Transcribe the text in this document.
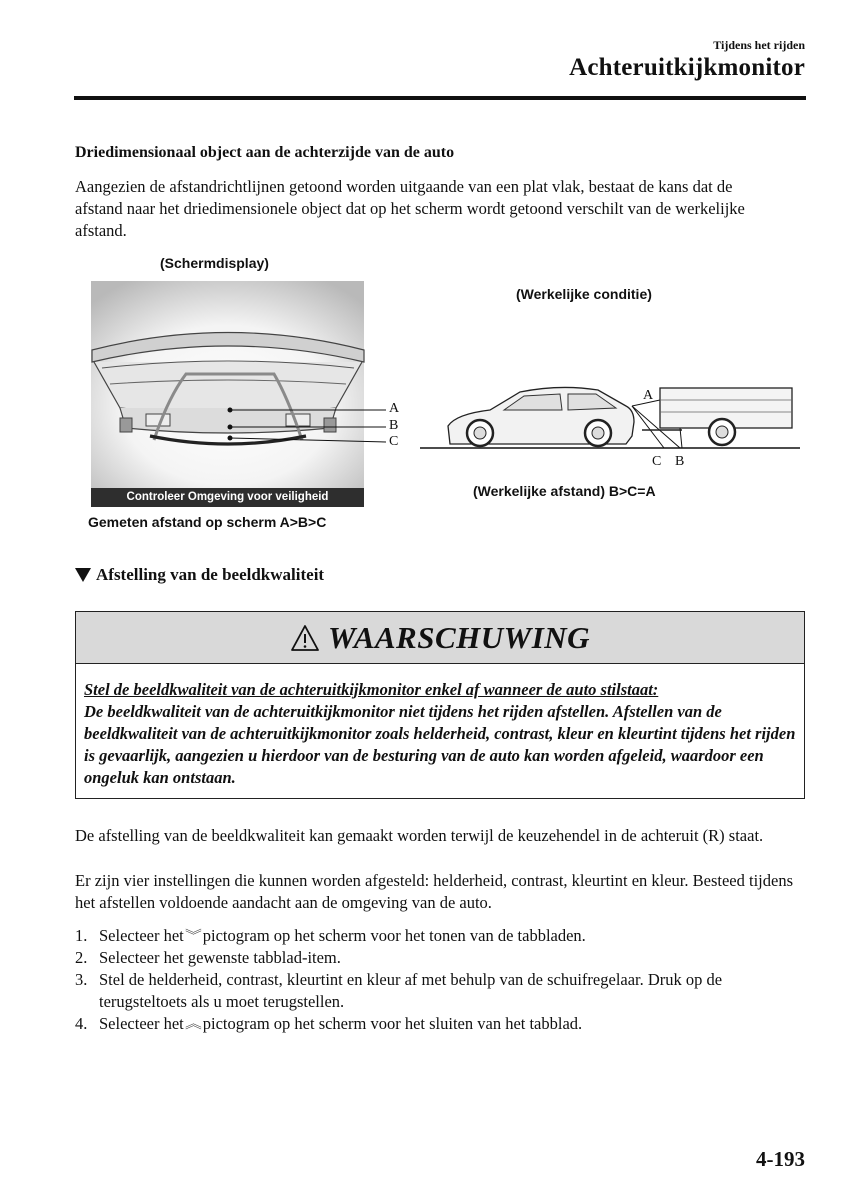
Tijdens het rijden
Achteruitkijkmonitor
Driedimensionaal object aan de achterzijde van de auto
Aangezien de afstandrichtlijnen getoond worden uitgaande van een plat vlak, bestaat de kans dat de afstand naar het driedimensionele object dat op het scherm wordt getoond verschilt van de werkelijke afstand.
(Schermdisplay)
(Werkelijke conditie)
(Werkelijke afstand) B>C=A
Gemeten afstand op scherm A>B>C
Controleer Omgeving voor veiligheid
A
B
C
A
C B
Afstelling van de beeldkwaliteit
WAARSCHUWING
Stel de beeldkwaliteit van de achteruitkijkmonitor enkel af wanneer de auto stilstaat:
De beeldkwaliteit van de achteruitkijkmonitor niet tijdens het rijden afstellen. Afstellen van de beeldkwaliteit van de achteruitkijkmonitor zoals helderheid, contrast, kleur en kleurtint tijdens het rijden is gevaarlijk, aangezien u hierdoor van de besturing van de auto kan worden afgeleid, waardoor een ongeluk kan ontstaan.
De afstelling van de beeldkwaliteit kan gemaakt worden terwijl de keuzehendel in de achteruit (R) staat.
Er zijn vier instellingen die kunnen worden afgesteld: helderheid, contrast, kleurtint en kleur. Besteed tijdens het afstellen voldoende aandacht aan de omgeving van de auto.
1. Selecteer het︾pictogram op het scherm voor het tonen van de tabbladen.
2. Selecteer het gewenste tabblad-item.
3. Stel de helderheid, contrast, kleurtint en kleur af met behulp van de schuifregelaar. Druk op de terugsteltoets als u moet terugstellen.
4. Selecteer het︽pictogram op het scherm voor het sluiten van het tabblad.
4-193
